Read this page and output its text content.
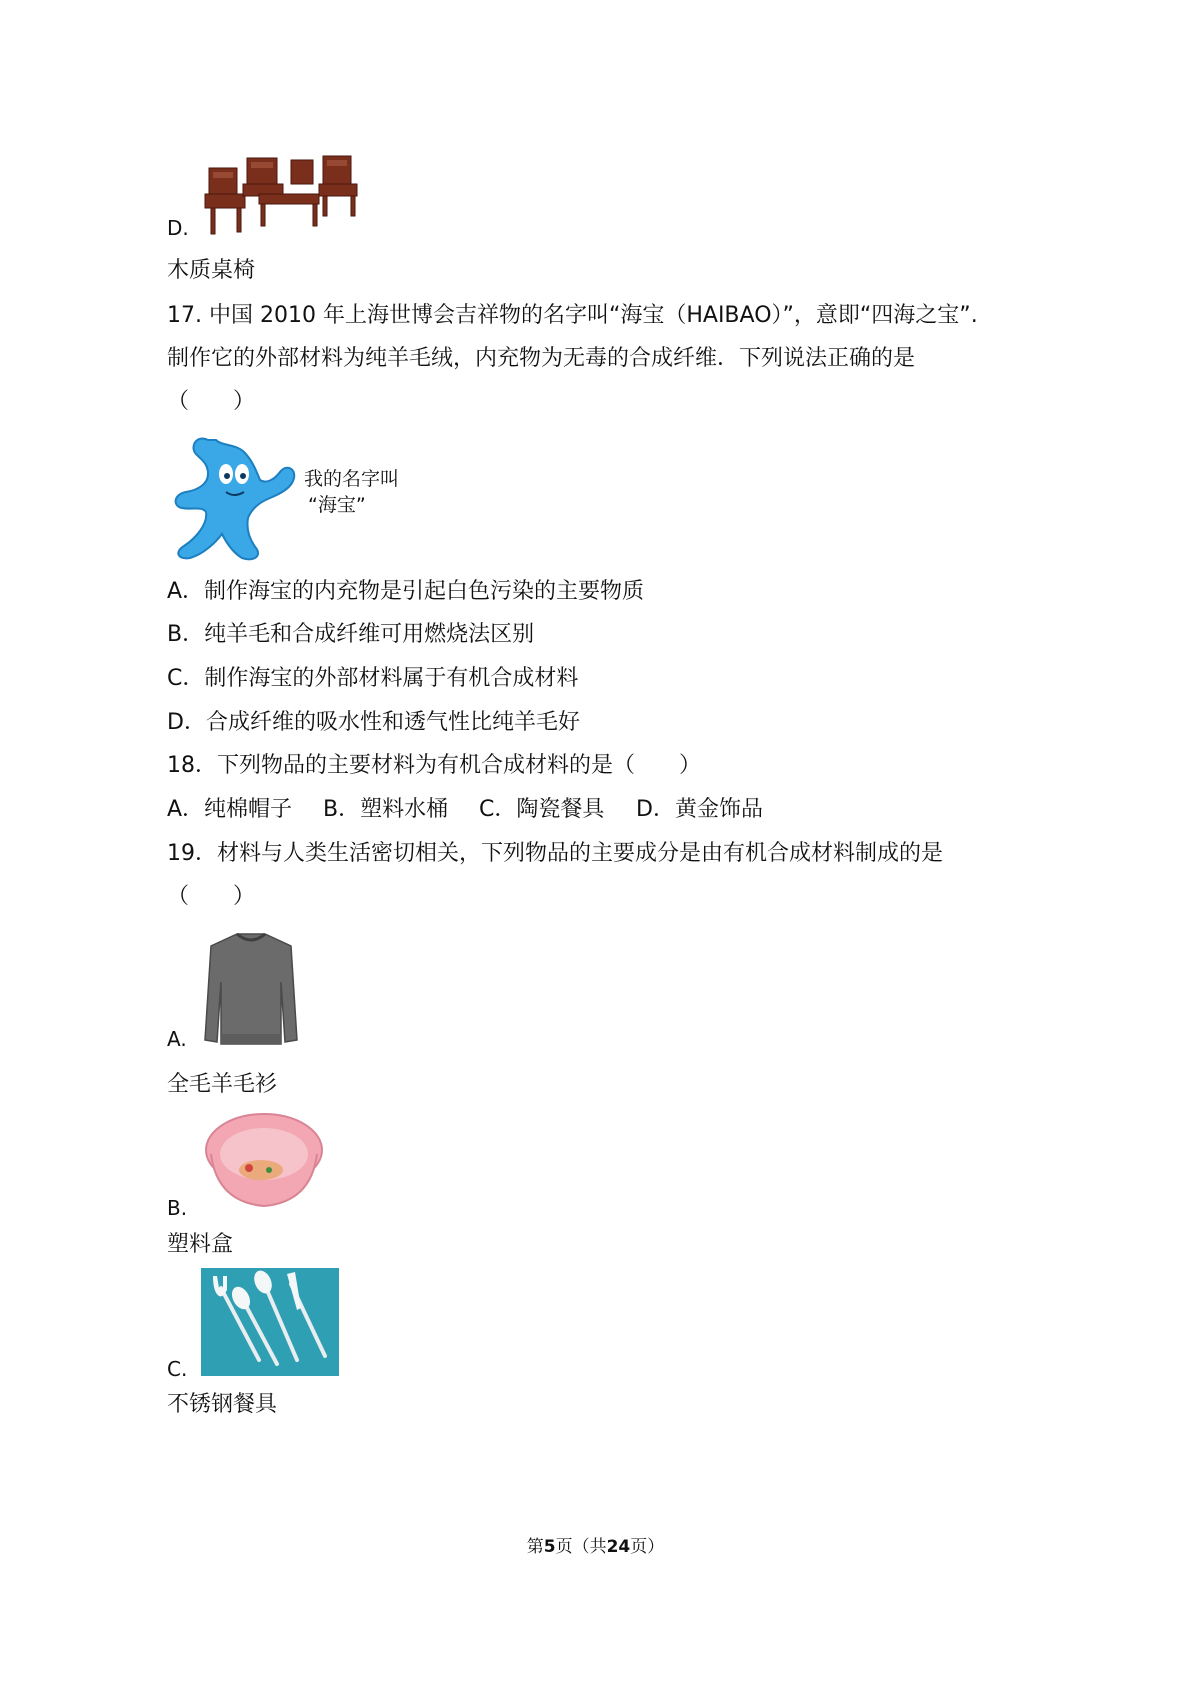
D.
木质桌椅
17. 中国 2010 年上海世博会吉祥物的名字叫“海宝（HAIBAO）”，意即“四海之宝”.
制作它的外部材料为纯羊毛绒，内充物为无毒的合成纤维．下列说法正确的是
（　　）
我的名字叫
“海宝”
A．制作海宝的内充物是引起白色污染的主要物质
B．纯羊毛和合成纤维可用燃烧法区别
C．制作海宝的外部材料属于有机合成材料
D．合成纤维的吸水性和透气性比纯羊毛好
18．下列物品的主要材料为有机合成材料的是（　　）
A．纯棉帽子 B．塑料水桶 C．陶瓷餐具 D．黄金饰品
19．材料与人类生活密切相关，下列物品的主要成分是由有机合成材料制成的是
（　　）
A.
全毛羊毛衫
B.
塑料盒
C.
不锈钢餐具
第5页（共24页）
